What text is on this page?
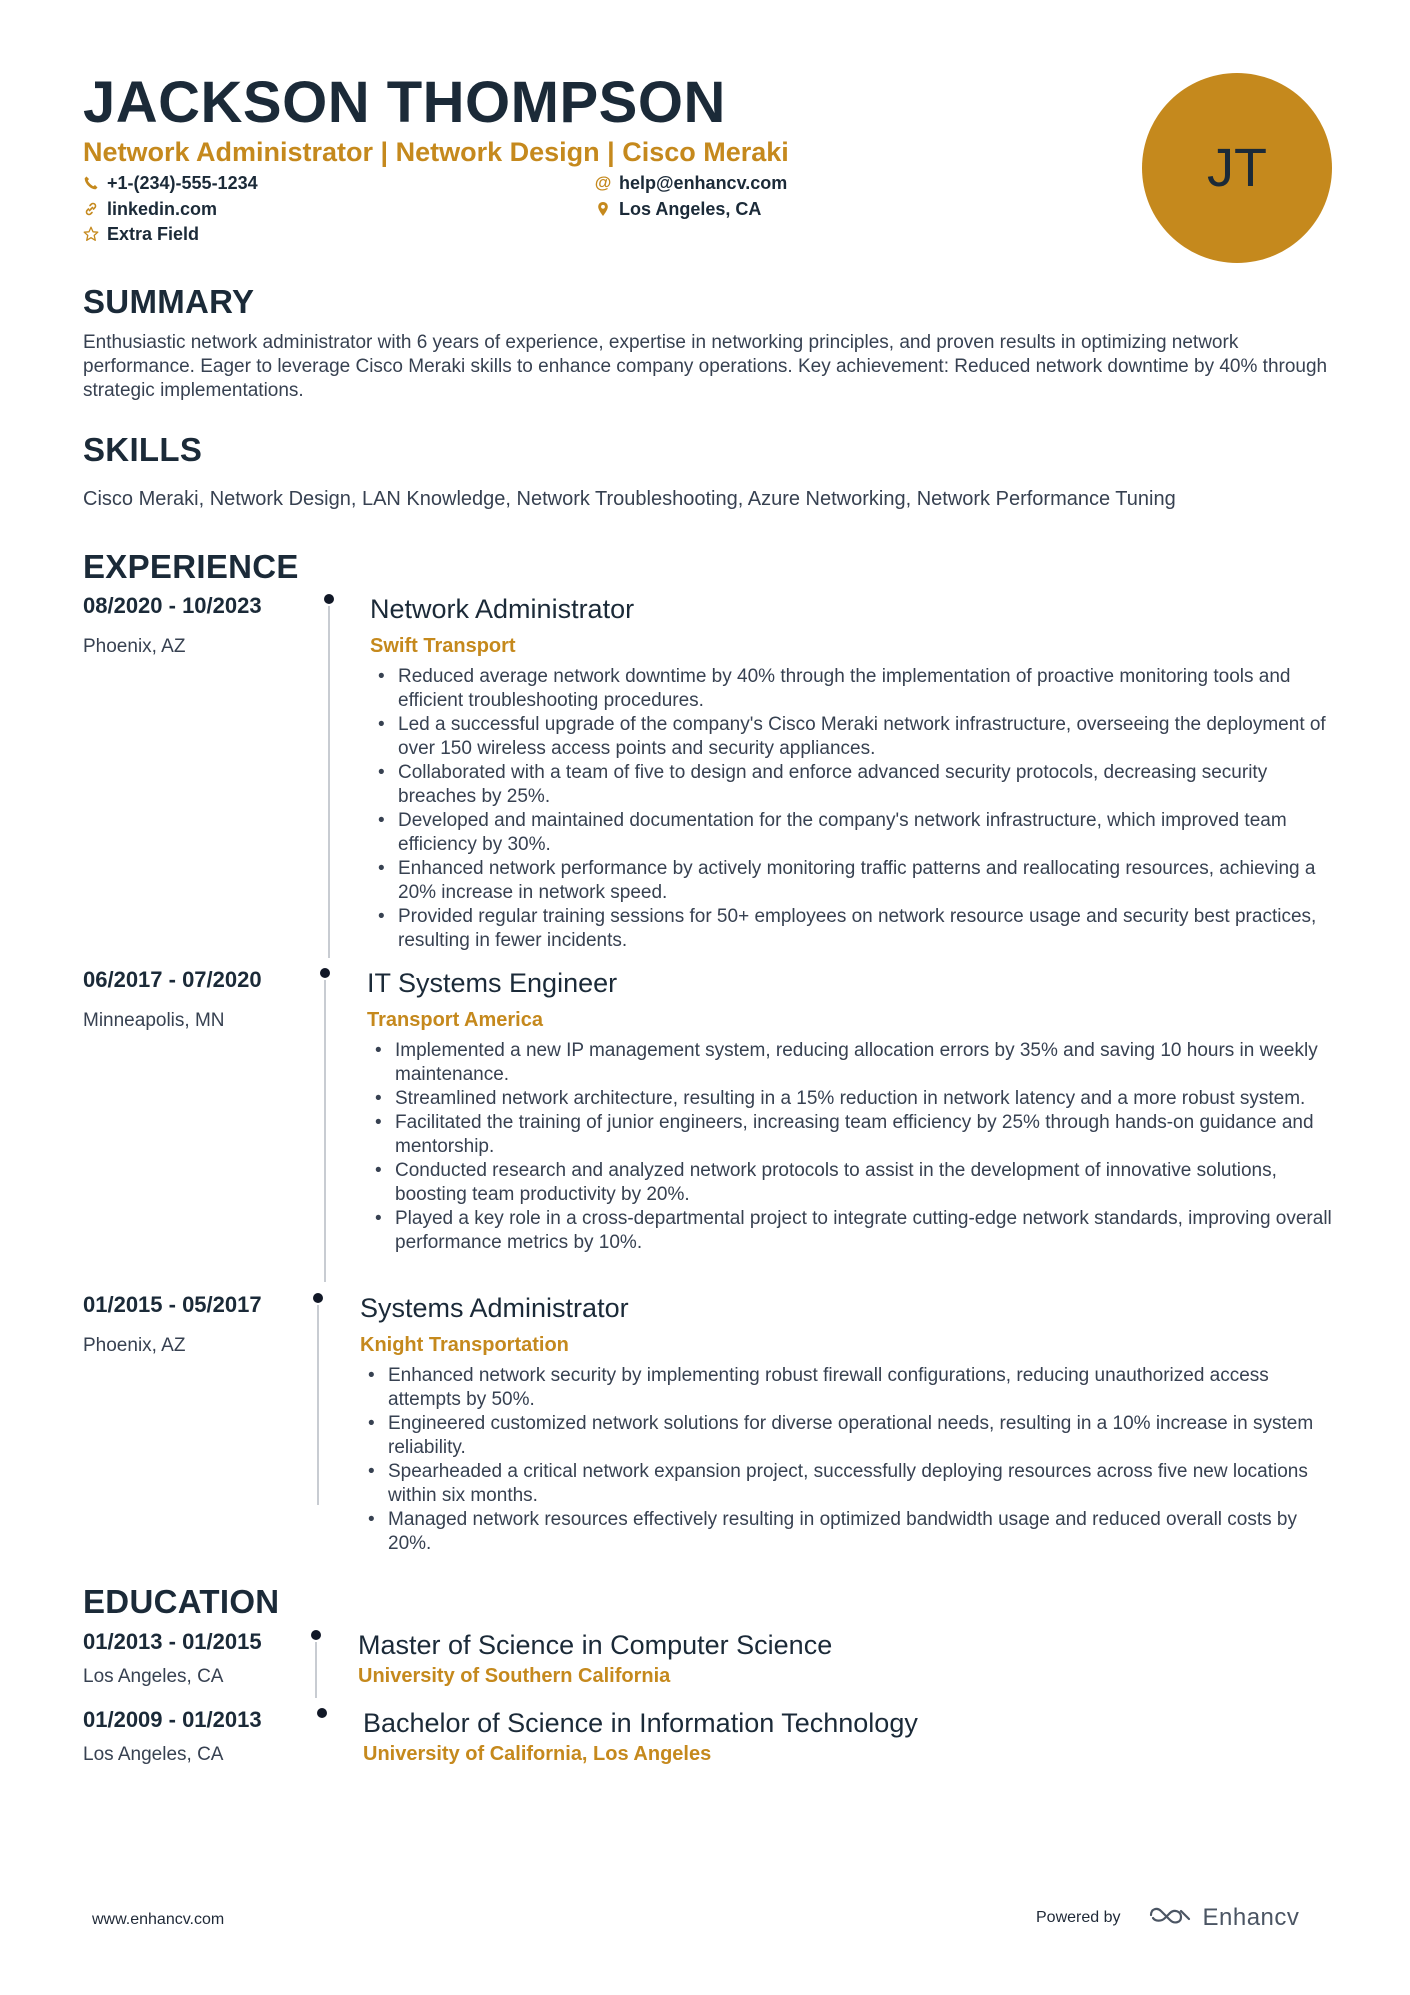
JACKSON THOMPSON
Network Administrator | Network Design | Cisco Meraki
+1-(234)-555-1234	@ help@enhancv.com
linkedin.com	Los Angeles, CA
Extra Field
JT
SUMMARY
Enthusiastic network administrator with 6 years of experience, expertise in networking principles, and proven results in optimizing network performance. Eager to leverage Cisco Meraki skills to enhance company operations. Key achievement: Reduced network downtime by 40% through strategic implementations.
SKILLS
Cisco Meraki, Network Design, LAN Knowledge, Network Troubleshooting, Azure Networking, Network Performance Tuning
EXPERIENCE
08/2020 - 10/2023
Phoenix, AZ
Network Administrator
Swift Transport
• Reduced average network downtime by 40% through the implementation of proactive monitoring tools and efficient troubleshooting procedures.
• Led a successful upgrade of the company's Cisco Meraki network infrastructure, overseeing the deployment of over 150 wireless access points and security appliances.
• Collaborated with a team of five to design and enforce advanced security protocols, decreasing security breaches by 25%.
• Developed and maintained documentation for the company's network infrastructure, which improved team efficiency by 30%.
• Enhanced network performance by actively monitoring traffic patterns and reallocating resources, achieving a 20% increase in network speed.
• Provided regular training sessions for 50+ employees on network resource usage and security best practices, resulting in fewer incidents.
06/2017 - 07/2020
Minneapolis, MN
IT Systems Engineer
Transport America
• Implemented a new IP management system, reducing allocation errors by 35% and saving 10 hours in weekly maintenance.
• Streamlined network architecture, resulting in a 15% reduction in network latency and a more robust system.
• Facilitated the training of junior engineers, increasing team efficiency by 25% through hands-on guidance and mentorship.
• Conducted research and analyzed network protocols to assist in the development of innovative solutions, boosting team productivity by 20%.
• Played a key role in a cross-departmental project to integrate cutting-edge network standards, improving overall performance metrics by 10%.
01/2015 - 05/2017
Phoenix, AZ
Systems Administrator
Knight Transportation
• Enhanced network security by implementing robust firewall configurations, reducing unauthorized access attempts by 50%.
• Engineered customized network solutions for diverse operational needs, resulting in a 10% increase in system reliability.
• Spearheaded a critical network expansion project, successfully deploying resources across five new locations within six months.
• Managed network resources effectively resulting in optimized bandwidth usage and reduced overall costs by 20%.
EDUCATION
01/2013 - 01/2015
Los Angeles, CA
Master of Science in Computer Science
University of Southern California
01/2009 - 01/2013
Los Angeles, CA
Bachelor of Science in Information Technology
University of California, Los Angeles
www.enhancv.com	Powered by	Enhancv
